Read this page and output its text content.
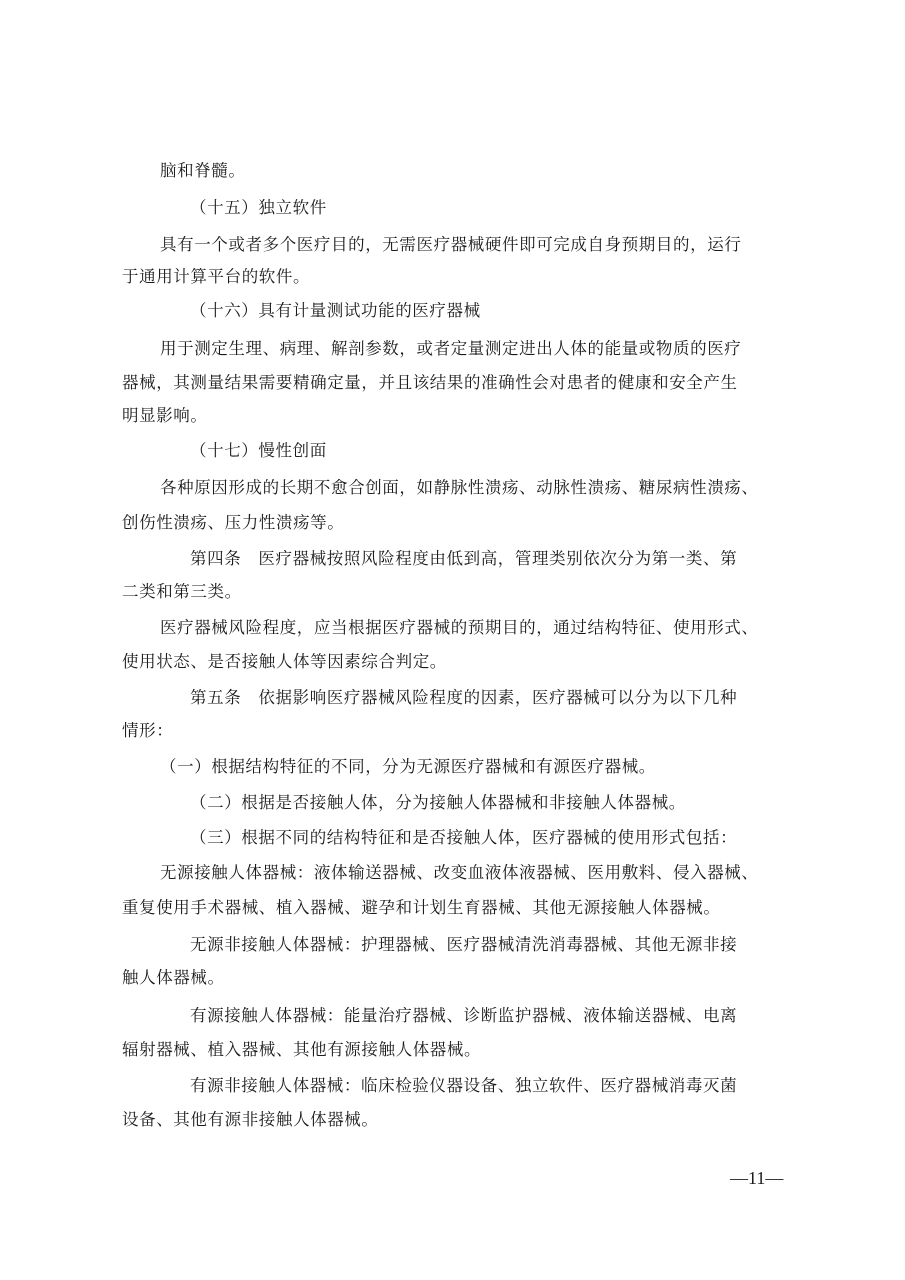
脑和脊髓。
（十五）独立软件
具有一个或者多个医疗目的，无需医疗器械硬件即可完成自身预期目的，运行
于通用计算平台的软件。
（十六）具有计量测试功能的医疗器械
用于测定生理、病理、解剖参数，或者定量测定进出人体的能量或物质的医疗
器械，其测量结果需要精确定量，并且该结果的准确性会对患者的健康和安全产生
明显影响。
（十七）慢性创面
各种原因形成的长期不愈合创面，如静脉性溃疡、动脉性溃疡、糖尿病性溃疡、
创伤性溃疡、压力性溃疡等。
第四条　医疗器械按照风险程度由低到高，管理类别依次分为第一类、第
二类和第三类。
医疗器械风险程度，应当根据医疗器械的预期目的，通过结构特征、使用形式、
使用状态、是否接触人体等因素综合判定。
第五条　依据影响医疗器械风险程度的因素，医疗器械可以分为以下几种
情形：
（一）根据结构特征的不同，分为无源医疗器械和有源医疗器械。
（二）根据是否接触人体，分为接触人体器械和非接触人体器械。
（三）根据不同的结构特征和是否接触人体，医疗器械的使用形式包括：
无源接触人体器械：液体输送器械、改变血液体液器械、医用敷料、侵入器械、
重复使用手术器械、植入器械、避孕和计划生育器械、其他无源接触人体器械。
无源非接触人体器械：护理器械、医疗器械清洗消毒器械、其他无源非接
触人体器械。
有源接触人体器械：能量治疗器械、诊断监护器械、液体输送器械、电离
辐射器械、植入器械、其他有源接触人体器械。
有源非接触人体器械：临床检验仪器设备、独立软件、医疗器械消毒灭菌
设备、其他有源非接触人体器械。
—11—
